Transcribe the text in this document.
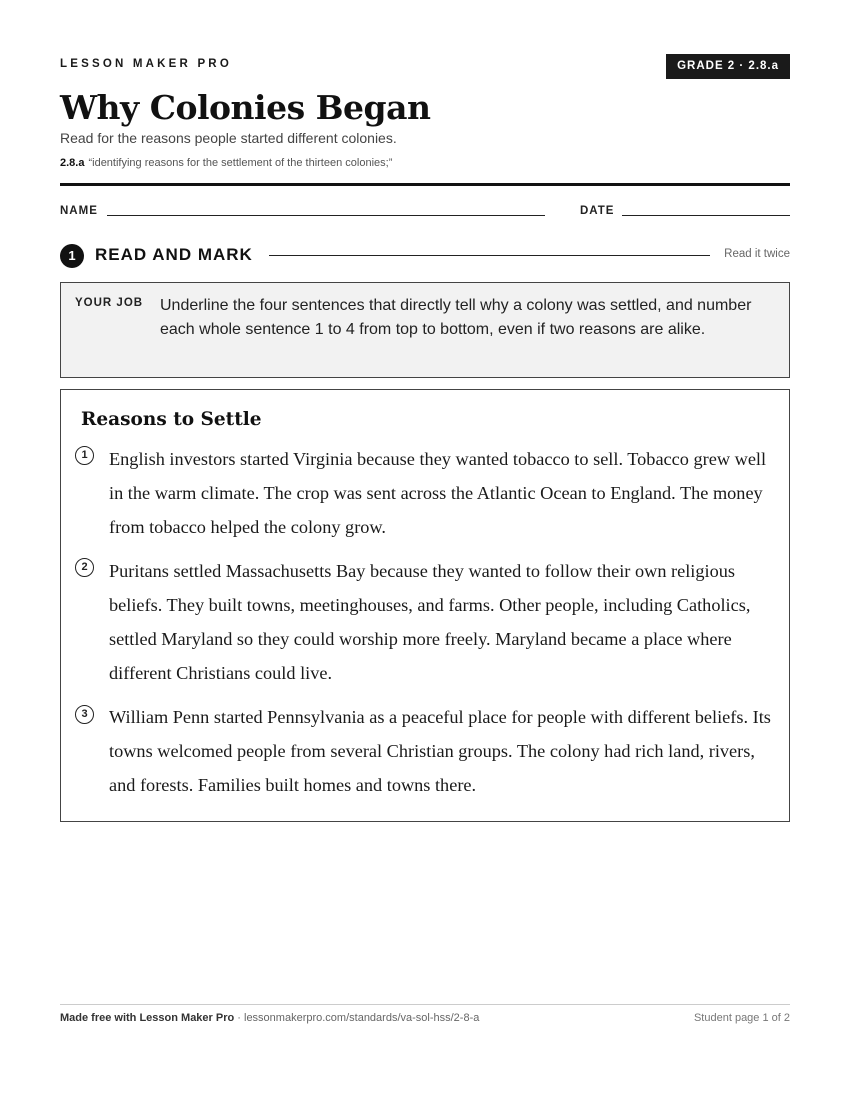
LESSON MAKER PRO	GRADE 2 · 2.8.a
Why Colonies Began
Read for the reasons people started different colonies.
2.8.a “identifying reasons for the settlement of the thirteen colonies;”
NAME	DATE
1	READ AND MARK	Read it twice
YOUR JOB Underline the four sentences that directly tell why a colony was settled, and number each whole sentence 1 to 4 from top to bottom, even if two reasons are alike.
Reasons to Settle
1	English investors started Virginia because they wanted tobacco to sell. Tobacco grew well in the warm climate. The crop was sent across the Atlantic Ocean to England. The money from tobacco helped the colony grow.
2	Puritans settled Massachusetts Bay because they wanted to follow their own religious beliefs. They built towns, meetinghouses, and farms. Other people, including Catholics, settled Maryland so they could worship more freely. Maryland became a place where different Christians could live.
3	William Penn started Pennsylvania as a peaceful place for people with different beliefs. Its towns welcomed people from several Christian groups. The colony had rich land, rivers, and forests. Families built homes and towns there.
Made free with Lesson Maker Pro · lessonmakerpro.com/standards/va-sol-hss/2-8-a	Student page 1 of 2
